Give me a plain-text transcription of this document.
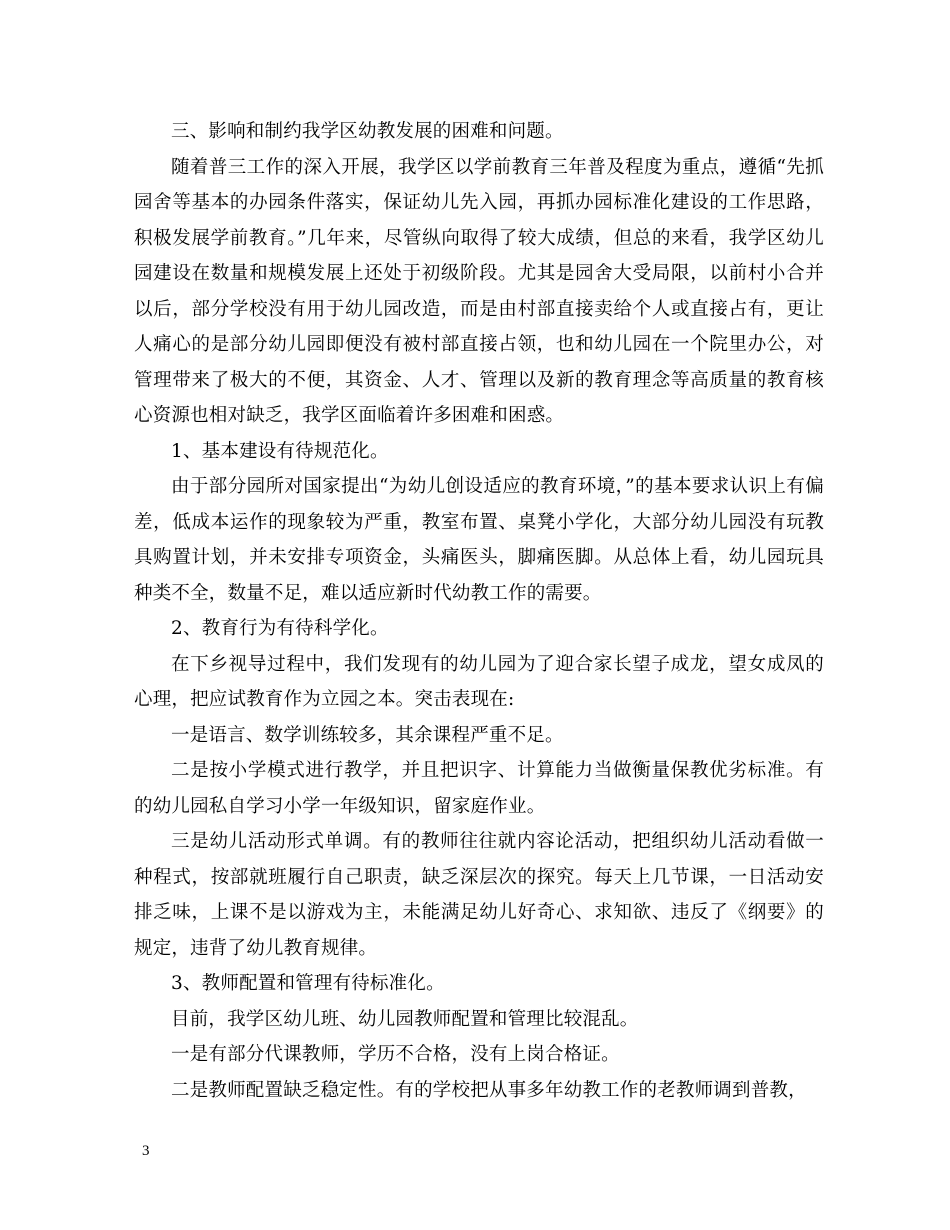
三、影响和制约我学区幼教发展的困难和问题。

随着普三工作的深入开展，我学区以学前教育三年普及程度为重点，遵循“先抓园舍等基本的办园条件落实，保证幼儿先入园，再抓办园标准化建设的工作思路，积极发展学前教育。”几年来，尽管纵向取得了较大成绩，但总的来看，我学区幼儿园建设在数量和规模发展上还处于初级阶段。尤其是园舍大受局限，以前村小合并以后，部分学校没有用于幼儿园改造，而是由村部直接卖给个人或直接占有，更让人痛心的是部分幼儿园即便没有被村部直接占领，也和幼儿园在一个院里办公，对管理带来了极大的不便，其资金、人才、管理以及新的教育理念等高质量的教育核心资源也相对缺乏，我学区面临着许多困难和困惑。

1、基本建设有待规范化。

由于部分园所对国家提出“为幼儿创设适应的教育环境，”的基本要求认识上有偏差，低成本运作的现象较为严重，教室布置、桌凳小学化，大部分幼儿园没有玩教具购置计划，并未安排专项资金，头痛医头，脚痛医脚。从总体上看，幼儿园玩具种类不全，数量不足，难以适应新时代幼教工作的需要。

2、教育行为有待科学化。

在下乡视导过程中，我们发现有的幼儿园为了迎合家长望子成龙，望女成凤的心理，把应试教育作为立园之本。突击表现在:

一是语言、数学训练较多，其余课程严重不足。

二是按小学模式进行教学，并且把识字、计算能力当做衡量保教优劣标准。有的幼儿园私自学习小学一年级知识，留家庭作业。

三是幼儿活动形式单调。有的教师往往就内容论活动，把组织幼儿活动看做一种程式，按部就班履行自己职责，缺乏深层次的探究。每天上几节课，一日活动安排乏味，上课不是以游戏为主，未能满足幼儿好奇心、求知欲、违反了《纲要》的规定，违背了幼儿教育规律。

3、教师配置和管理有待标准化。

目前，我学区幼儿班、幼儿园教师配置和管理比较混乱。

一是有部分代课教师，学历不合格，没有上岗合格证。

二是教师配置缺乏稳定性。有的学校把从事多年幼教工作的老教师调到普教，

3
